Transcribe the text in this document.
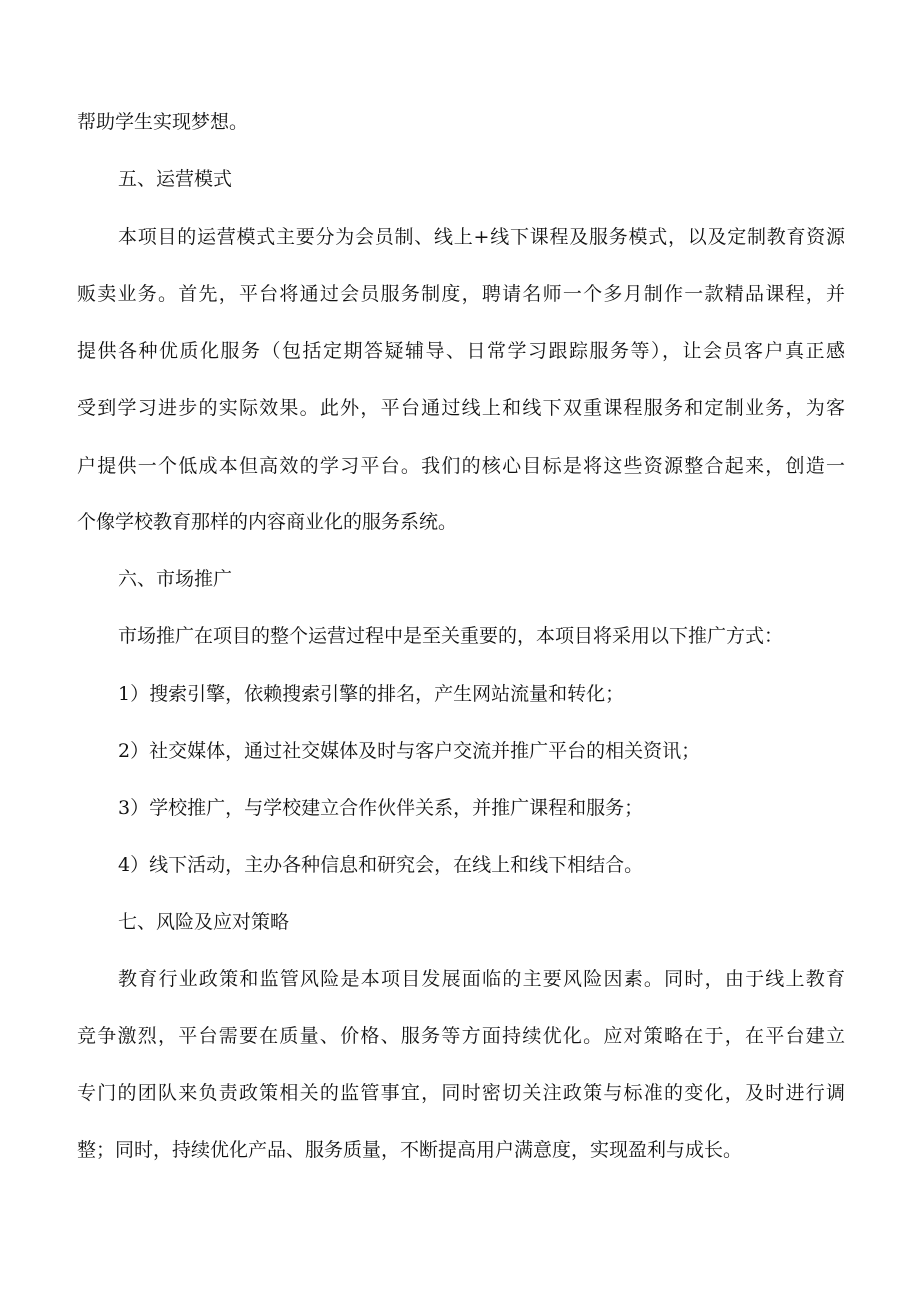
帮助学生实现梦想。
五、运营模式
本项目的运营模式主要分为会员制、线上+线下课程及服务模式，以及定制教育资源
贩卖业务。首先，平台将通过会员服务制度，聘请名师一个多月制作一款精品课程，并
提供各种优质化服务（包括定期答疑辅导、日常学习跟踪服务等），让会员客户真正感
受到学习进步的实际效果。此外，平台通过线上和线下双重课程服务和定制业务，为客
户提供一个低成本但高效的学习平台。我们的核心目标是将这些资源整合起来，创造一
个像学校教育那样的内容商业化的服务系统。
六、市场推广
市场推广在项目的整个运营过程中是至关重要的，本项目将采用以下推广方式：
1）搜索引擎，依赖搜索引擎的排名，产生网站流量和转化；
2）社交媒体，通过社交媒体及时与客户交流并推广平台的相关资讯；
3）学校推广，与学校建立合作伙伴关系，并推广课程和服务；
4）线下活动，主办各种信息和研究会，在线上和线下相结合。
七、风险及应对策略
教育行业政策和监管风险是本项目发展面临的主要风险因素。同时，由于线上教育
竞争激烈，平台需要在质量、价格、服务等方面持续优化。应对策略在于，在平台建立
专门的团队来负责政策相关的监管事宜，同时密切关注政策与标准的变化，及时进行调
整；同时，持续优化产品、服务质量，不断提高用户满意度，实现盈利与成长。
